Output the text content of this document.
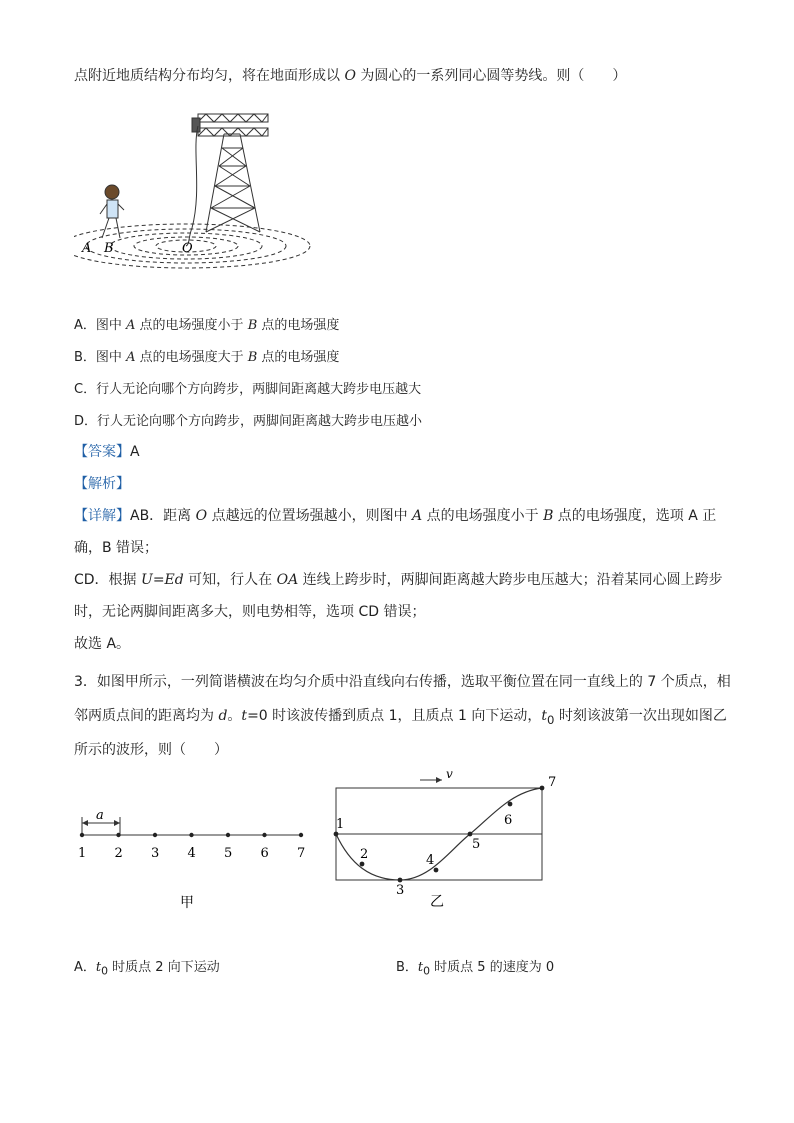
点附近地质结构分布均匀，将在地面形成以 O 为圆心的一系列同心圆等势线。则（　　）
A B	O
A．图中 A 点的电场强度小于 B 点的电场强度
B．图中 A 点的电场强度大于 B 点的电场强度
C．行人无论向哪个方向跨步，两脚间距离越大跨步电压越大
D．行人无论向哪个方向跨步，两脚间距离越大跨步电压越小
【答案】A
【解析】
【详解】AB．距离 O 点越远的位置场强越小，则图中 A 点的电场强度小于 B 点的电场强度，选项 A 正
确，B 错误；
CD．根据 U=Ed 可知，行人在 OA 连线上跨步时，两脚间距离越大跨步电压越大；沿着某同心圆上跨步
时，无论两脚间距离多大，则电势相等，选项 CD 错误；
故选 A。
3．如图甲所示，一列简谐横波在均匀介质中沿直线向右传播，选取平衡位置在同一直线上的 7 个质点，相
邻两质点间的距离均为 d。t=0 时该波传播到质点 1，且质点 1 向下运动，$t_0$ 时刻该波第一次出现如图乙
所示的波形，则（　　）
a
1 2 3 4 5 6 7
甲
v
1
2
3
4
5
6
7
乙
A．$t_0$ 时质点 2 向下运动	B．$t_0$ 时质点 5 的速度为 0
